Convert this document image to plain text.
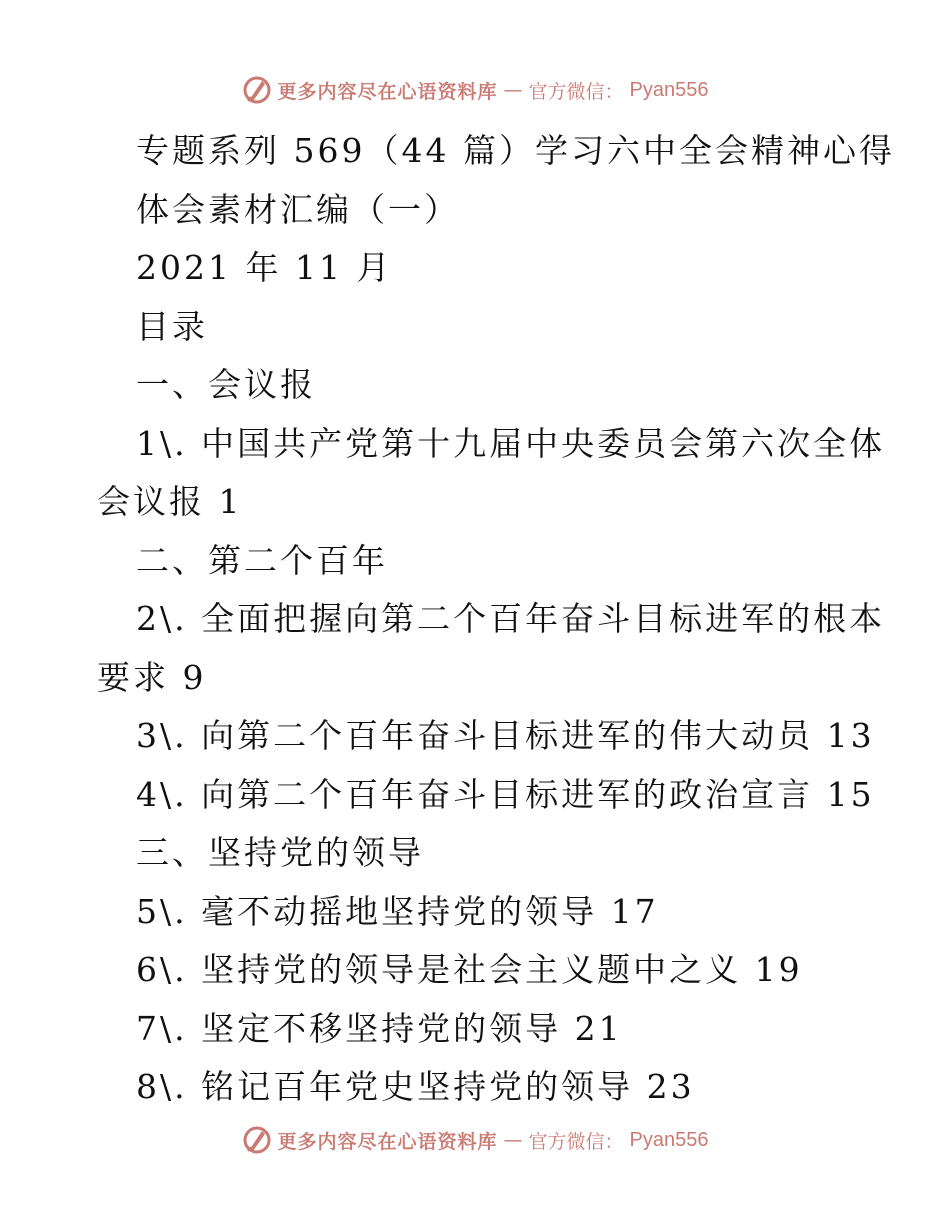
更多内容尽在心语资料库 — 官方微信： Pyan556
专题系列 569（44 篇）学习六中全会精神心得
体会素材汇编（一）
2021 年 11 月
目录
一、会议报
1\. 中国共产党第十九届中央委员会第六次全体
会议报 1
二、第二个百年
2\. 全面把握向第二个百年奋斗目标进军的根本
要求 9
3\. 向第二个百年奋斗目标进军的伟大动员 13
4\. 向第二个百年奋斗目标进军的政治宣言 15
三、坚持党的领导
5\. 毫不动摇地坚持党的领导 17
6\. 坚持党的领导是社会主义题中之义 19
7\. 坚定不移坚持党的领导 21
8\. 铭记百年党史坚持党的领导 23
更多内容尽在心语资料库 — 官方微信： Pyan556
